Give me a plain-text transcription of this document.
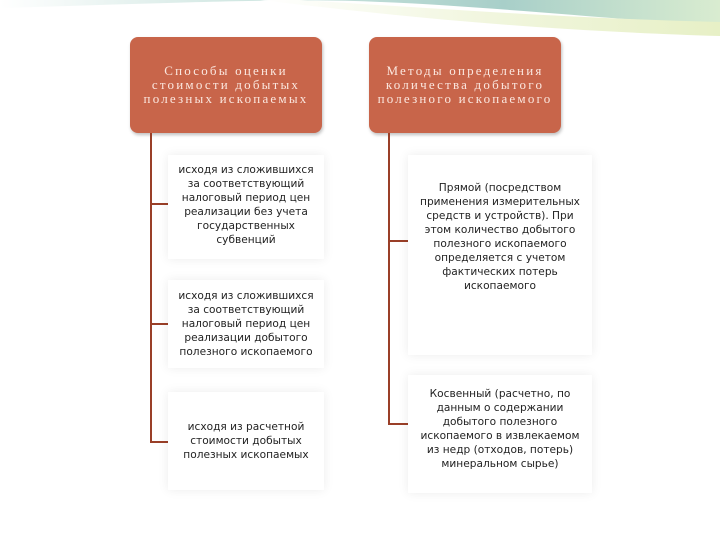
Способы оценки стоимости добытых полезных ископаемых
Методы определения количества добытого полезного ископаемого
исходя из сложившихся за соответствующий налоговый период цен реализации без учета государственных субвенций
исходя из сложившихся за соответствующий налоговый период цен реализации добытого полезного ископаемого
исходя из расчетной стоимости добытых полезных ископаемых
Прямой (посредством применения измерительных средств и устройств). При этом количество добытого полезного ископаемого определяется с учетом фактических потерь ископаемого
Косвенный (расчетно, по данным о содержании добытого полезного ископаемого в извлекаемом из недр (отходов, потерь) минеральном сырье)
